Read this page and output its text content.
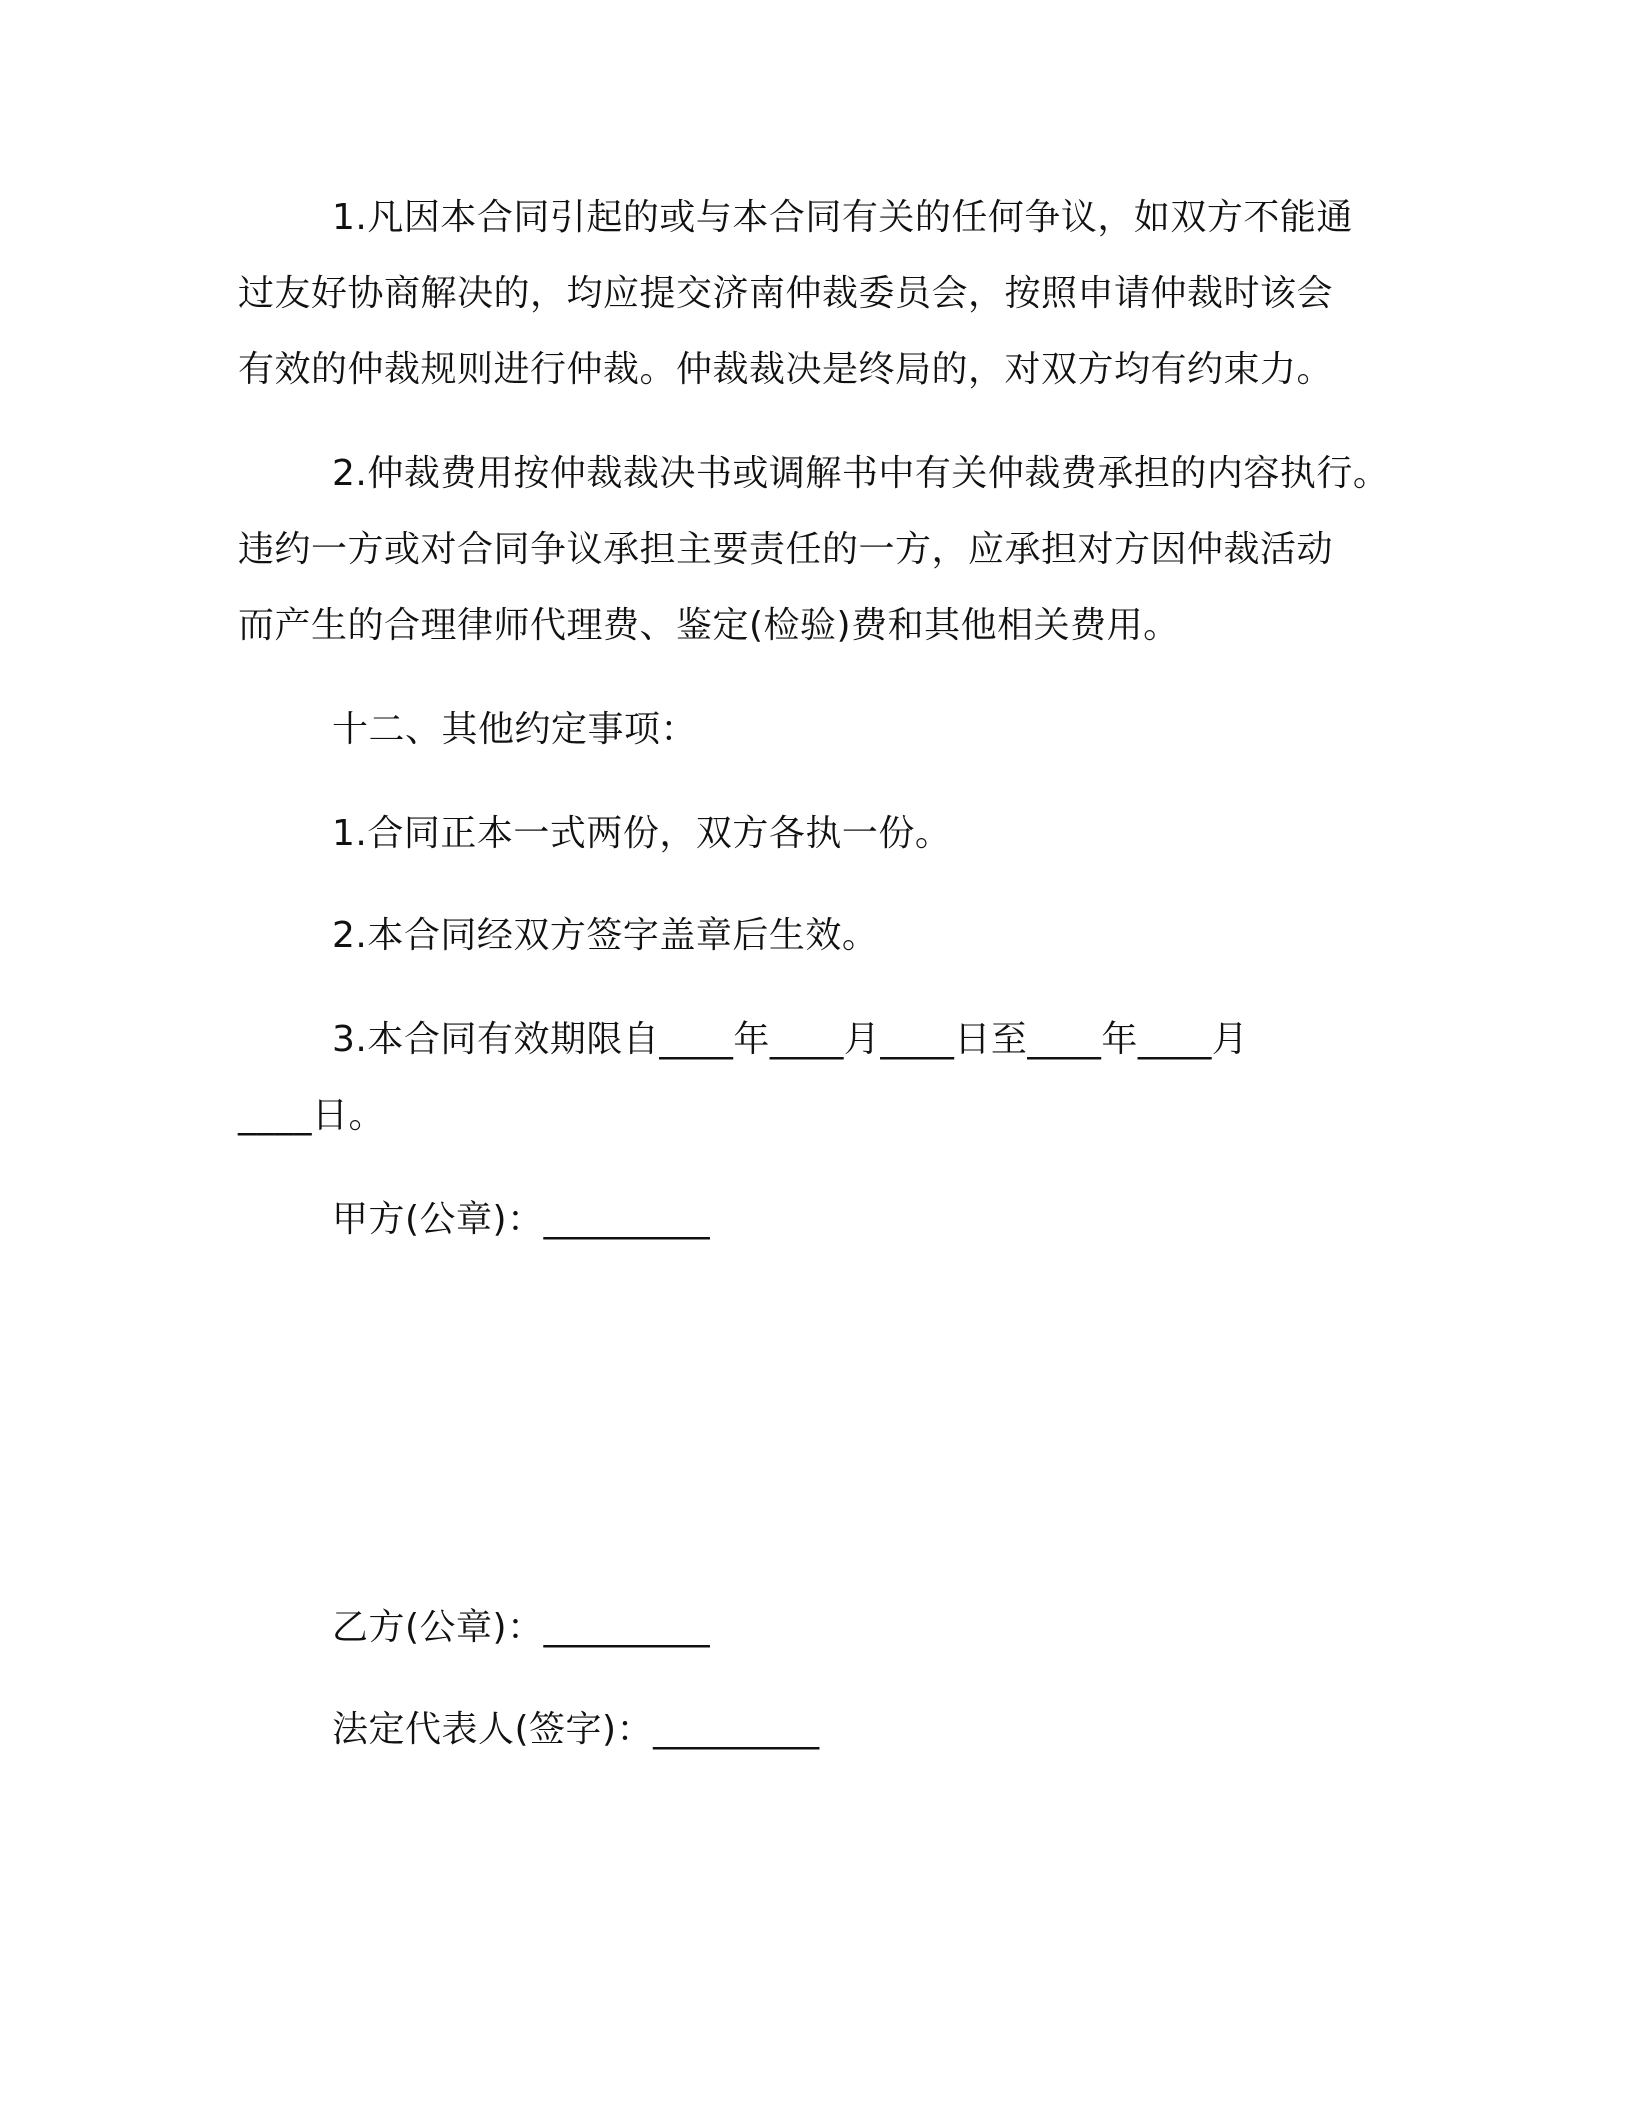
1.凡因本合同引起的或与本合同有关的任何争议，如双方不能通
过友好协商解决的，均应提交济南仲裁委员会，按照申请仲裁时该会
有效的仲裁规则进行仲裁。仲裁裁决是终局的，对双方均有约束力。
2.仲裁费用按仲裁裁决书或调解书中有关仲裁费承担的内容执行。
违约一方或对合同争议承担主要责任的一方，应承担对方因仲裁活动
而产生的合理律师代理费、鉴定(检验)费和其他相关费用。
十二、其他约定事项：
1.合同正本一式两份，双方各执一份。
2.本合同经双方签字盖章后生效。
3.本合同有效期限自____年____月____日至____年____月
____日。
甲方(公章)：_________
乙方(公章)：_________
法定代表人(签字)：_________
